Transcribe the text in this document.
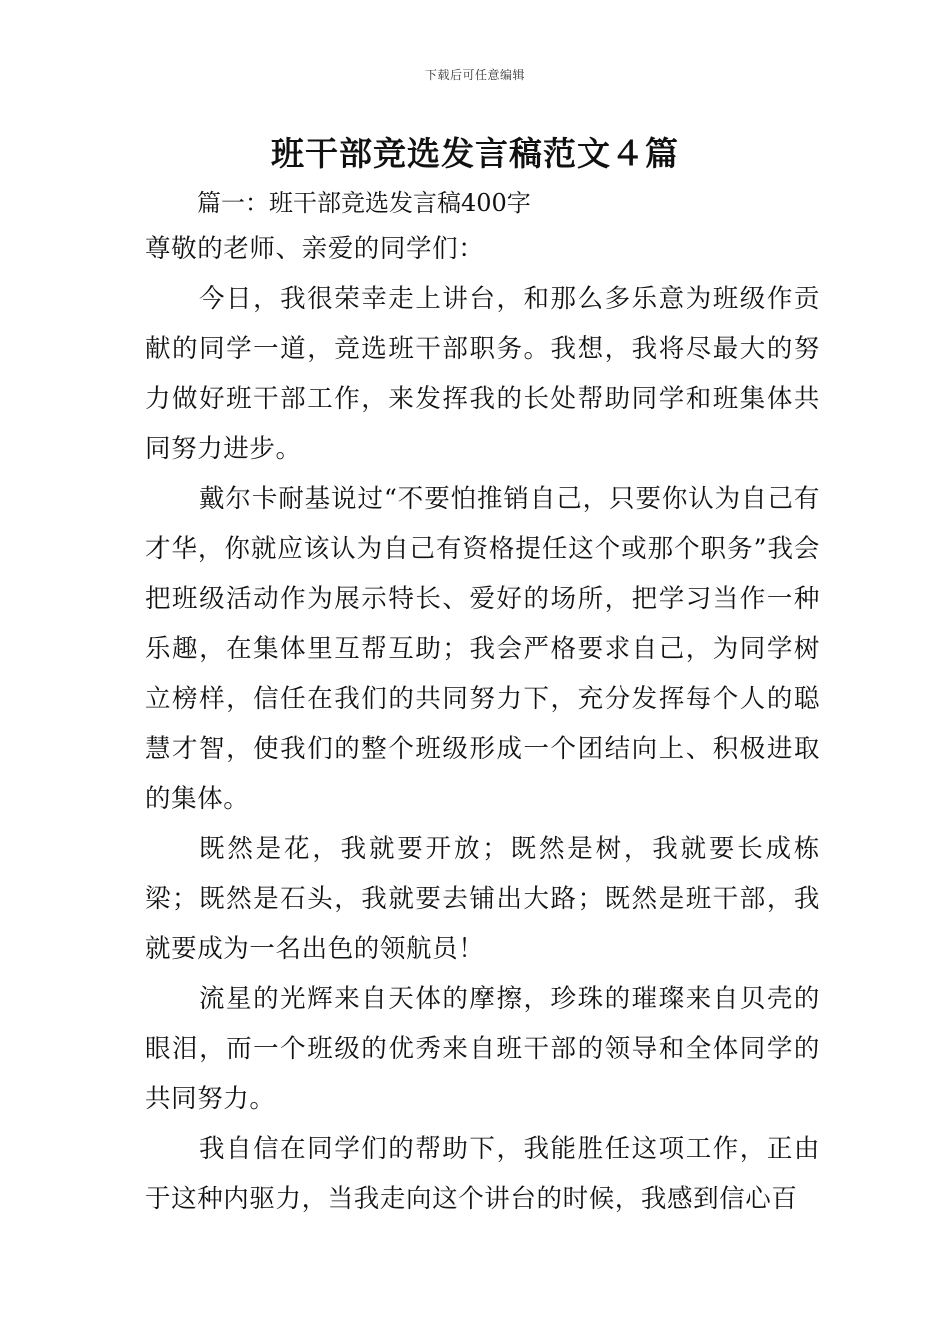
下载后可任意编辑
班干部竞选发言稿范文４篇
篇一：班干部竞选发言稿400字

尊敬的老师、亲爱的同学们：

今日，我很荣幸走上讲台，和那么多乐意为班级作贡献的同学一道，竞选班干部职务。我想，我将尽最大的努力做好班干部工作，来发挥我的长处帮助同学和班集体共同努力进步。

戴尔卡耐基说过“不要怕推销自己，只要你认为自己有才华，你就应该认为自己有资格提任这个或那个职务”我会把班级活动作为展示特长、爱好的场所，把学习当作一种乐趣，在集体里互帮互助；我会严格要求自己，为同学树立榜样，信任在我们的共同努力下，充分发挥每个人的聪慧才智，使我们的整个班级形成一个团结向上、积极进取的集体。

既然是花，我就要开放；既然是树，我就要长成栋梁；既然是石头，我就要去铺出大路；既然是班干部，我就要成为一名出色的领航员！

流星的光辉来自天体的摩擦，珍珠的璀璨来自贝壳的眼泪，而一个班级的优秀来自班干部的领导和全体同学的共同努力。

我自信在同学们的帮助下，我能胜任这项工作，正由于这种内驱力，当我走向这个讲台的时候，我感到信心百
